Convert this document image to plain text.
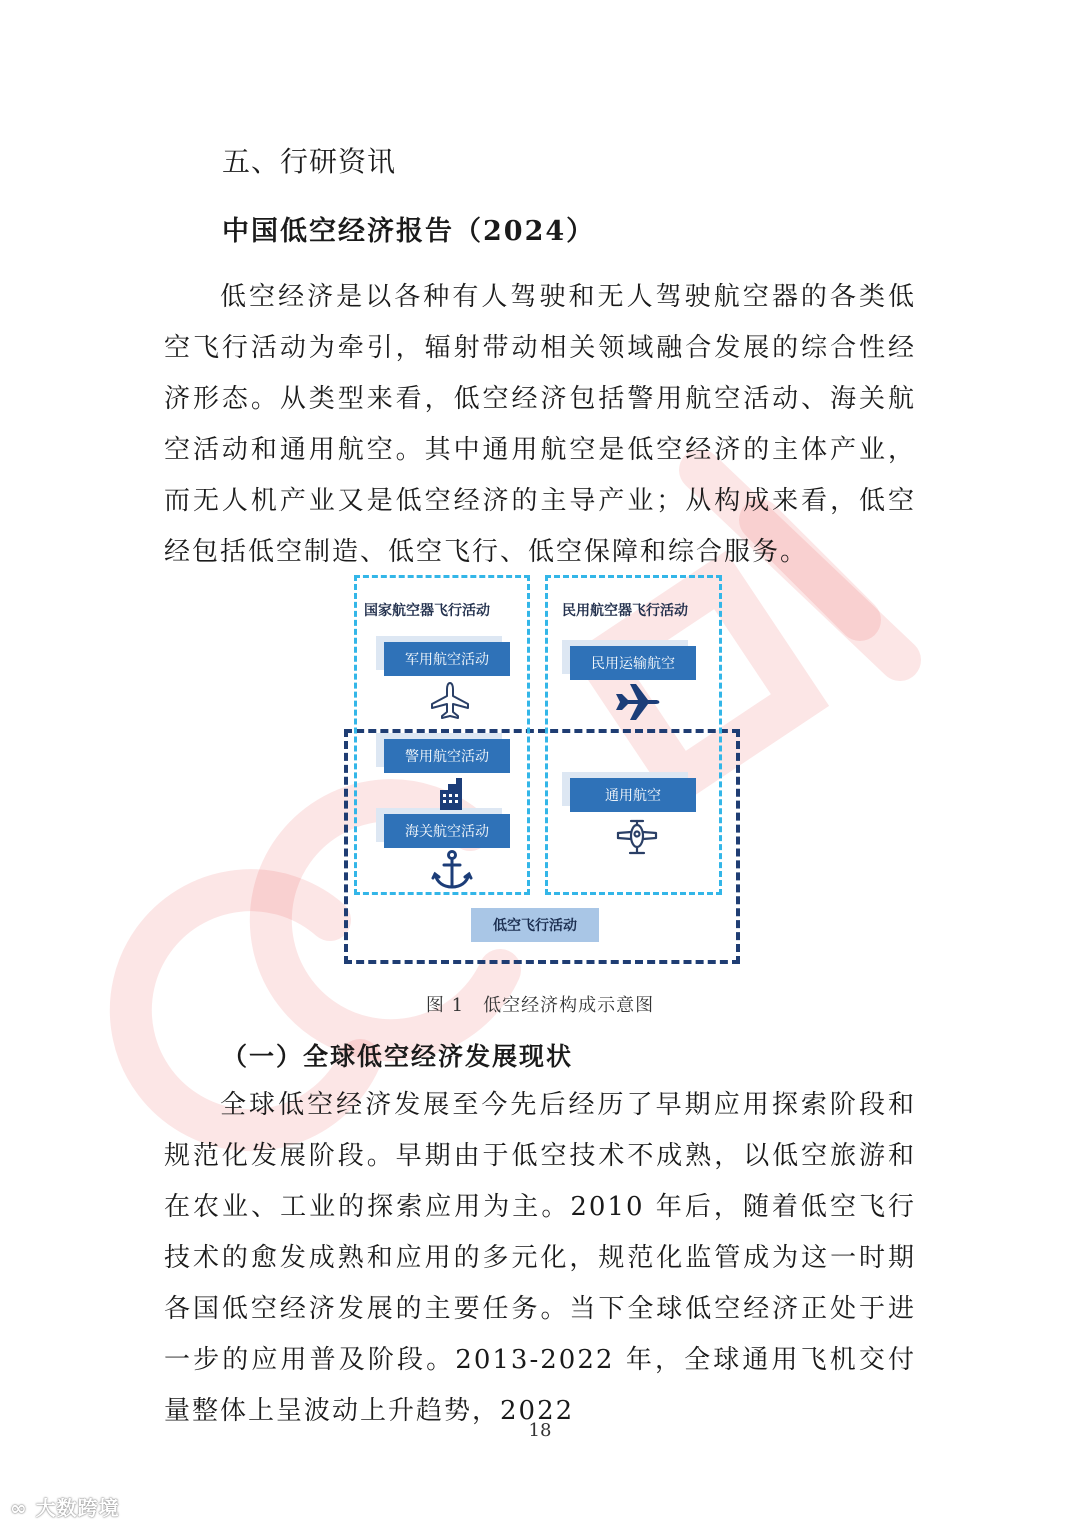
五、行研资讯
中国低空经济报告（2024）

低空经济是以各种有人驾驶和无人驾驶航空器的各类低空飞行活动为牵引，辐射带动相关领域融合发展的综合性经济形态。从类型来看，低空经济包括警用航空活动、海关航空活动和通用航空。其中通用航空是低空经济的主体产业，而无人机产业又是低空经济的主导产业；从构成来看，低空经包括低空制造、低空飞行、低空保障和综合服务。

国家航空器飞行活动	民用航空器飞行活动
军用航空活动	民用运输航空
警用航空活动
海关航空活动
通用航空
低空飞行活动

图 1　低空经济构成示意图

（一）全球低空经济发展现状

全球低空经济发展至今先后经历了早期应用探索阶段和规范化发展阶段。早期由于低空技术不成熟，以低空旅游和在农业、工业的探索应用为主。2010 年后，随着低空飞行技术的愈发成熟和应用的多元化，规范化监管成为这一时期各国低空经济发展的主要任务。当下全球低空经济正处于进一步的应用普及阶段。2013-2022 年，全球通用飞机交付量整体上呈波动上升趋势，2022

18
∞ 大数跨境
